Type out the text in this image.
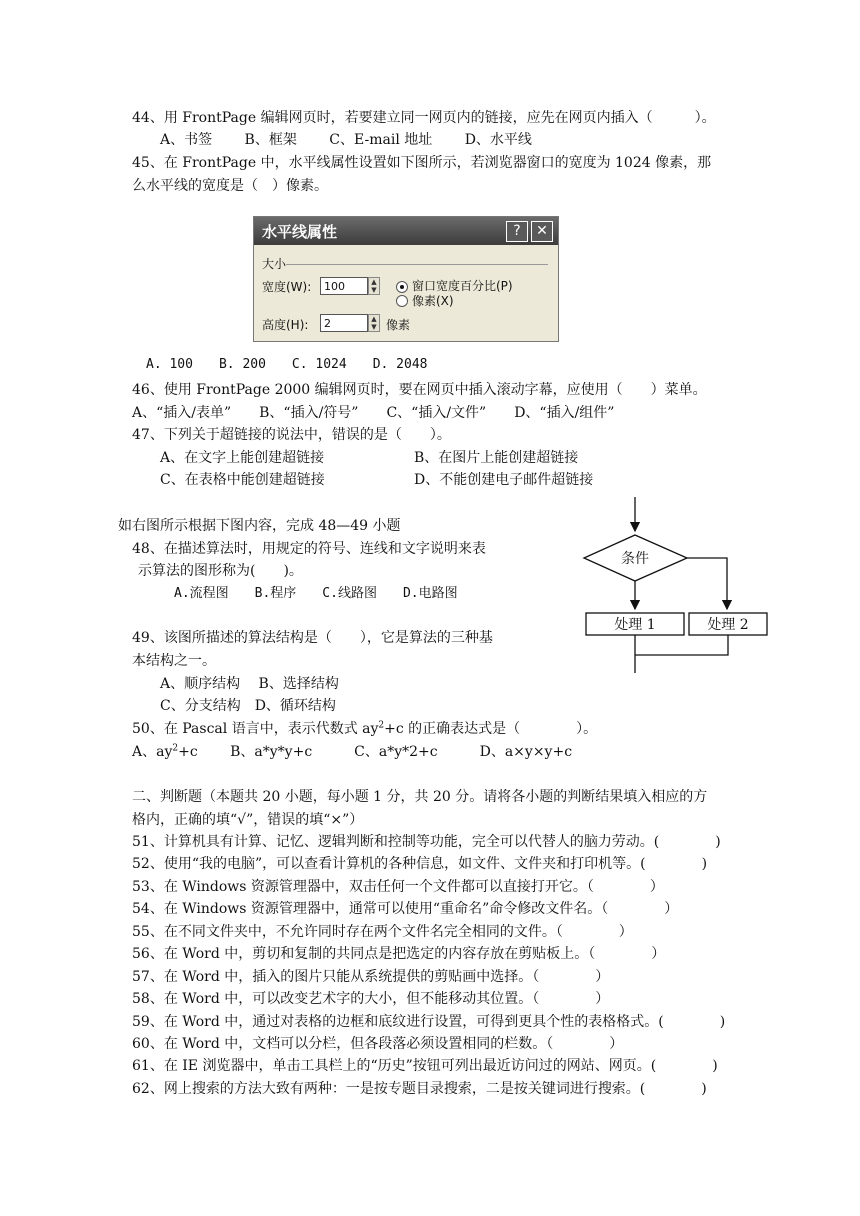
44、用 FrontPage 编辑网页时，若要建立同一网页内的链接，应先在网页内插入（　　　）。
A、书签　　 B、框架　　 C、E-mail 地址　　 D、水平线
45、在 FrontPage 中，水平线属性设置如下图所示，若浏览器窗口的宽度为 1024 像素，那
么水平线的宽度是（　）像素。
水平线属性	?	✕
大小
宽度(W):	100	▲
▼	窗口宽度百分比(P)
像素(X)
高度(H):	2	▲
▼ 像素
A. 100　　B. 200　　C. 1024　　D. 2048
46、使用 FrontPage 2000 编辑网页时，要在网页中插入滚动字幕，应使用（　　）菜单。
A、“插入/表单”　　B、“插入/符号”　　C、“插入/文件”　　D、“插入/组件”
47、下列关于超链接的说法中，错误的是（　　）。
A、在文字上能创建超链接	B、在图片上能创建超链接
C、在表格中能创建超链接	D、不能创建电子邮件超链接
如右图所示根据下图内容，完成 48—49 小题
48、在描述算法时，用规定的符号、连线和文字说明来表
示算法的图形称为(　　)。
A.流程图　　B.程序　　C.线路图　　D.电路图
49、该图所描述的算法结构是（　　），它是算法的三种基
本结构之一。
A、顺序结构　 B、选择结构
C、分支结构　D、循环结构
条件
处理 1	处理 2
50、在 Pascal 语言中，表示代数式 $ay^2+c$ 的正确表达式是（　　　　）。
A、$ay^2+c$　　 B、a*y*y+c　　　C、a*y*2+c　　　D、a×y×y+c
二、判断题（本题共 20 小题，每小题 1 分，共 20 分。请将各小题的判断结果填入相应的方
格内，正确的填“√”，错误的填“×”）
51、计算机具有计算、记忆、逻辑判断和控制等功能，完全可以代替人的脑力劳动。(　　　　)
52、使用“我的电脑”，可以查看计算机的各种信息，如文件、文件夹和打印机等。(　　　　)
53、在 Windows 资源管理器中，双击任何一个文件都可以直接打开它。（　　　　）
54、在 Windows 资源管理器中，通常可以使用“重命名”命令修改文件名。（　　　　）
55、在不同文件夹中，不允许同时存在两个文件名完全相同的文件。（　　　　）
56、在 Word 中，剪切和复制的共同点是把选定的内容存放在剪贴板上。（　　　　）
57、在 Word 中，插入的图片只能从系统提供的剪贴画中选择。（　　　　）
58、在 Word 中，可以改变艺术字的大小，但不能移动其位置。（　　　　）
59、在 Word 中，通过对表格的边框和底纹进行设置，可得到更具个性的表格格式。(　　　　)
60、在 Word 中，文档可以分栏，但各段落必须设置相同的栏数。（　　　　）
61、在 IE 浏览器中，单击工具栏上的“历史”按钮可列出最近访问过的网站、网页。(　　　　)
62、网上搜索的方法大致有两种：一是按专题目录搜索，二是按关键词进行搜索。(　　　　)
